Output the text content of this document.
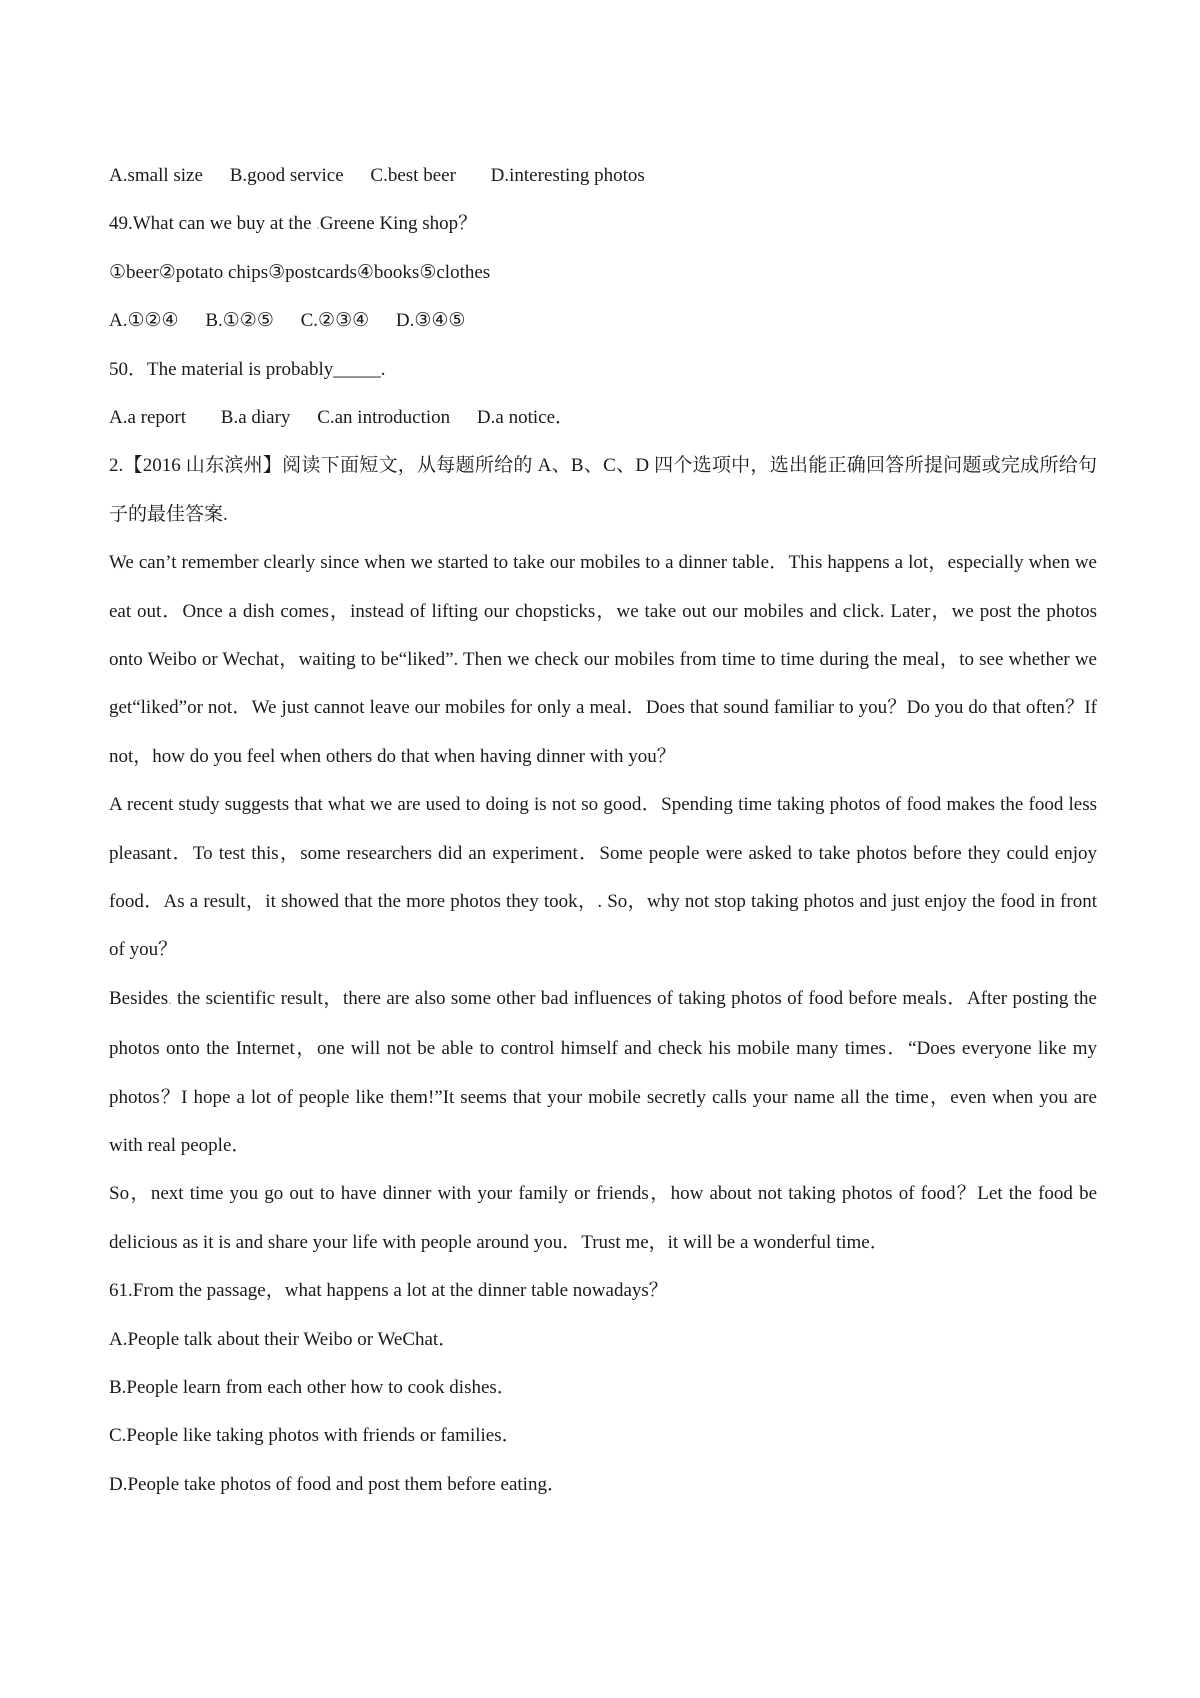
A.small size B.good service C.best beer D.interesting photos
49.What can we buy at the .Greene King shop？
①beer②potato chips③postcards④books⑤clothes
A.①②④ B.①②⑤ C.②③④ D.③④⑤
50．The material is probably_____.
A.a report B.a diary C.an introduction D.a notice．
2.【2016 山东滨州】阅读下面短文，从每题所给的 A、B、C、D 四个选项中，选出能正确回答所提问题或完成所给句子的最佳答案.
We can’t remember clearly since when we started to take our mobiles to a dinner table．This happens a lot，especially when we eat out．Once a dish comes，instead of lifting our chopsticks，we take out our mobiles and click. Later，we post the photos onto Weibo or Wechat，waiting to be“liked”. Then we check our mobiles from time to time during the meal，to see whether we get“liked”or not．We just cannot leave our mobiles for only a meal．Does that sound familiar to you？Do you do that often？If not，how do you feel when others do that when having dinner with you？
A recent study suggests that what we are used to doing is not so good．Spending time taking photos of food makes the food less pleasant．To test this，some researchers did an experiment．Some people were asked to take photos before they could enjoy food．As a result，it showed that the more photos they took，. So，why not stop taking photos and just enjoy the food in front of you？
Besides. the scientific result，there are also some other bad influences of taking photos of food before meals．After posting the photos onto the Internet，one will not be able to control himself and check his mobile many times．“Does everyone like my photos？I hope a lot of people like them!”It seems that your mobile secretly calls your name all the time，even when you are with real people．
So，next time you go out to have dinner with your family or friends，how about not taking photos of food？Let the food be delicious as it is and share your life with people around you．Trust me，it will be a wonderful time．
61.From the passage，what happens a lot at the dinner table nowadays？
A.People talk about their Weibo or WeChat．
B.People learn from each other how to cook dishes．
C.People like taking photos with friends or families．
D.People take photos of food and post them before eating．
